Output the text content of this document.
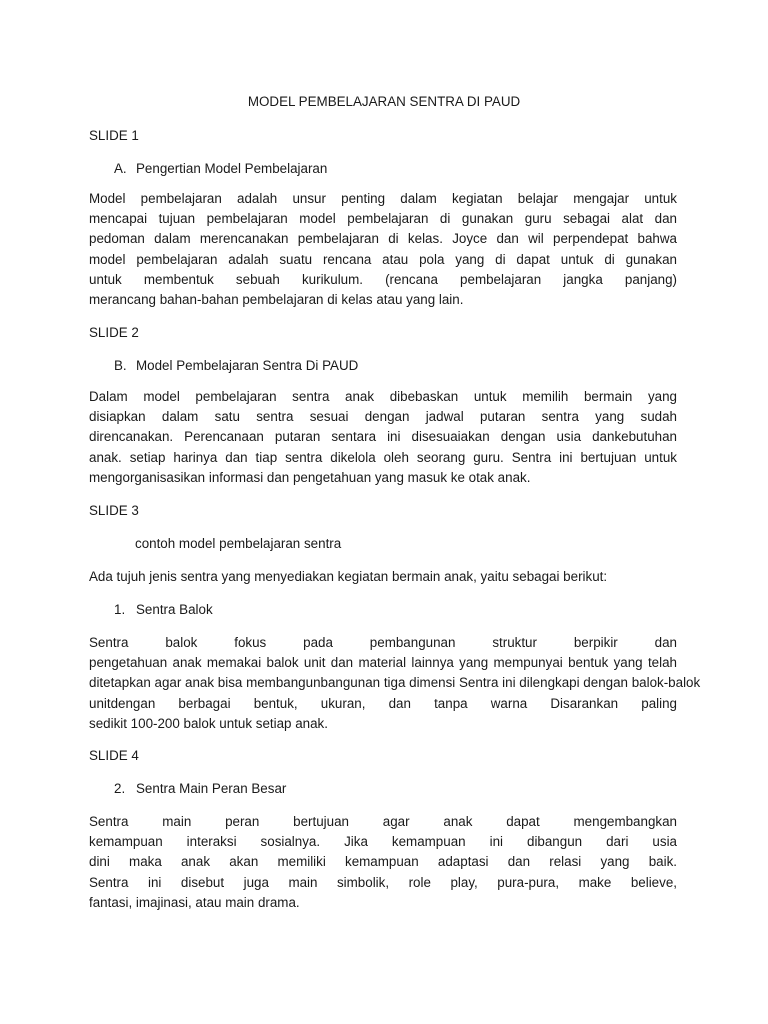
MODEL PEMBELAJARAN SENTRA DI PAUD
SLIDE 1
A. Pengertian Model Pembelajaran
Model pembelajaran adalah unsur penting dalam kegiatan belajar mengajar untuk
mencapai tujuan pembelajaran model pembelajaran di gunakan guru sebagai alat dan
pedoman dalam merencanakan pembelajaran di kelas. Joyce dan wil perpendepat bahwa
model pembelajaran adalah suatu rencana atau pola yang di dapat untuk di gunakan
untuk membentuk sebuah kurikulum. (rencana pembelajaran jangka panjang)
merancang bahan-bahan pembelajaran di kelas atau yang lain.
SLIDE 2
B. Model Pembelajaran Sentra Di PAUD
Dalam model pembelajaran sentra anak dibebaskan untuk memilih bermain yang
disiapkan dalam satu sentra sesuai dengan jadwal putaran sentra yang sudah
direncanakan. Perencanaan putaran sentara ini disesuaiakan dengan usia dankebutuhan
anak. setiap harinya dan tiap sentra dikelola oleh seorang guru. Sentra ini bertujuan untuk
mengorganisasikan informasi dan pengetahuan yang masuk ke otak anak.
SLIDE 3
contoh model pembelajaran sentra
Ada tujuh jenis sentra yang menyediakan kegiatan bermain anak, yaitu sebagai berikut:
1. Sentra Balok
Sentra balok fokus pada pembangunan struktur berpikir dan
pengetahuan anak memakai balok unit dan material lainnya yang mempunyai bentuk yang telah
ditetapkan agar anak bisa membangunbangunan tiga dimensi Sentra ini dilengkapi dengan balok-balok
unitdengan berbagai bentuk, ukuran, dan tanpa warna Disarankan paling
sedikit 100-200 balok untuk setiap anak.
SLIDE 4
2. Sentra Main Peran Besar
Sentra main peran bertujuan agar anak dapat mengembangkan
kemampuan interaksi sosialnya. Jika kemampuan ini dibangun dari usia
dini maka anak akan memiliki kemampuan adaptasi dan relasi yang baik.
Sentra ini disebut juga main simbolik, role play, pura-pura, make believe,
fantasi, imajinasi, atau main drama.
